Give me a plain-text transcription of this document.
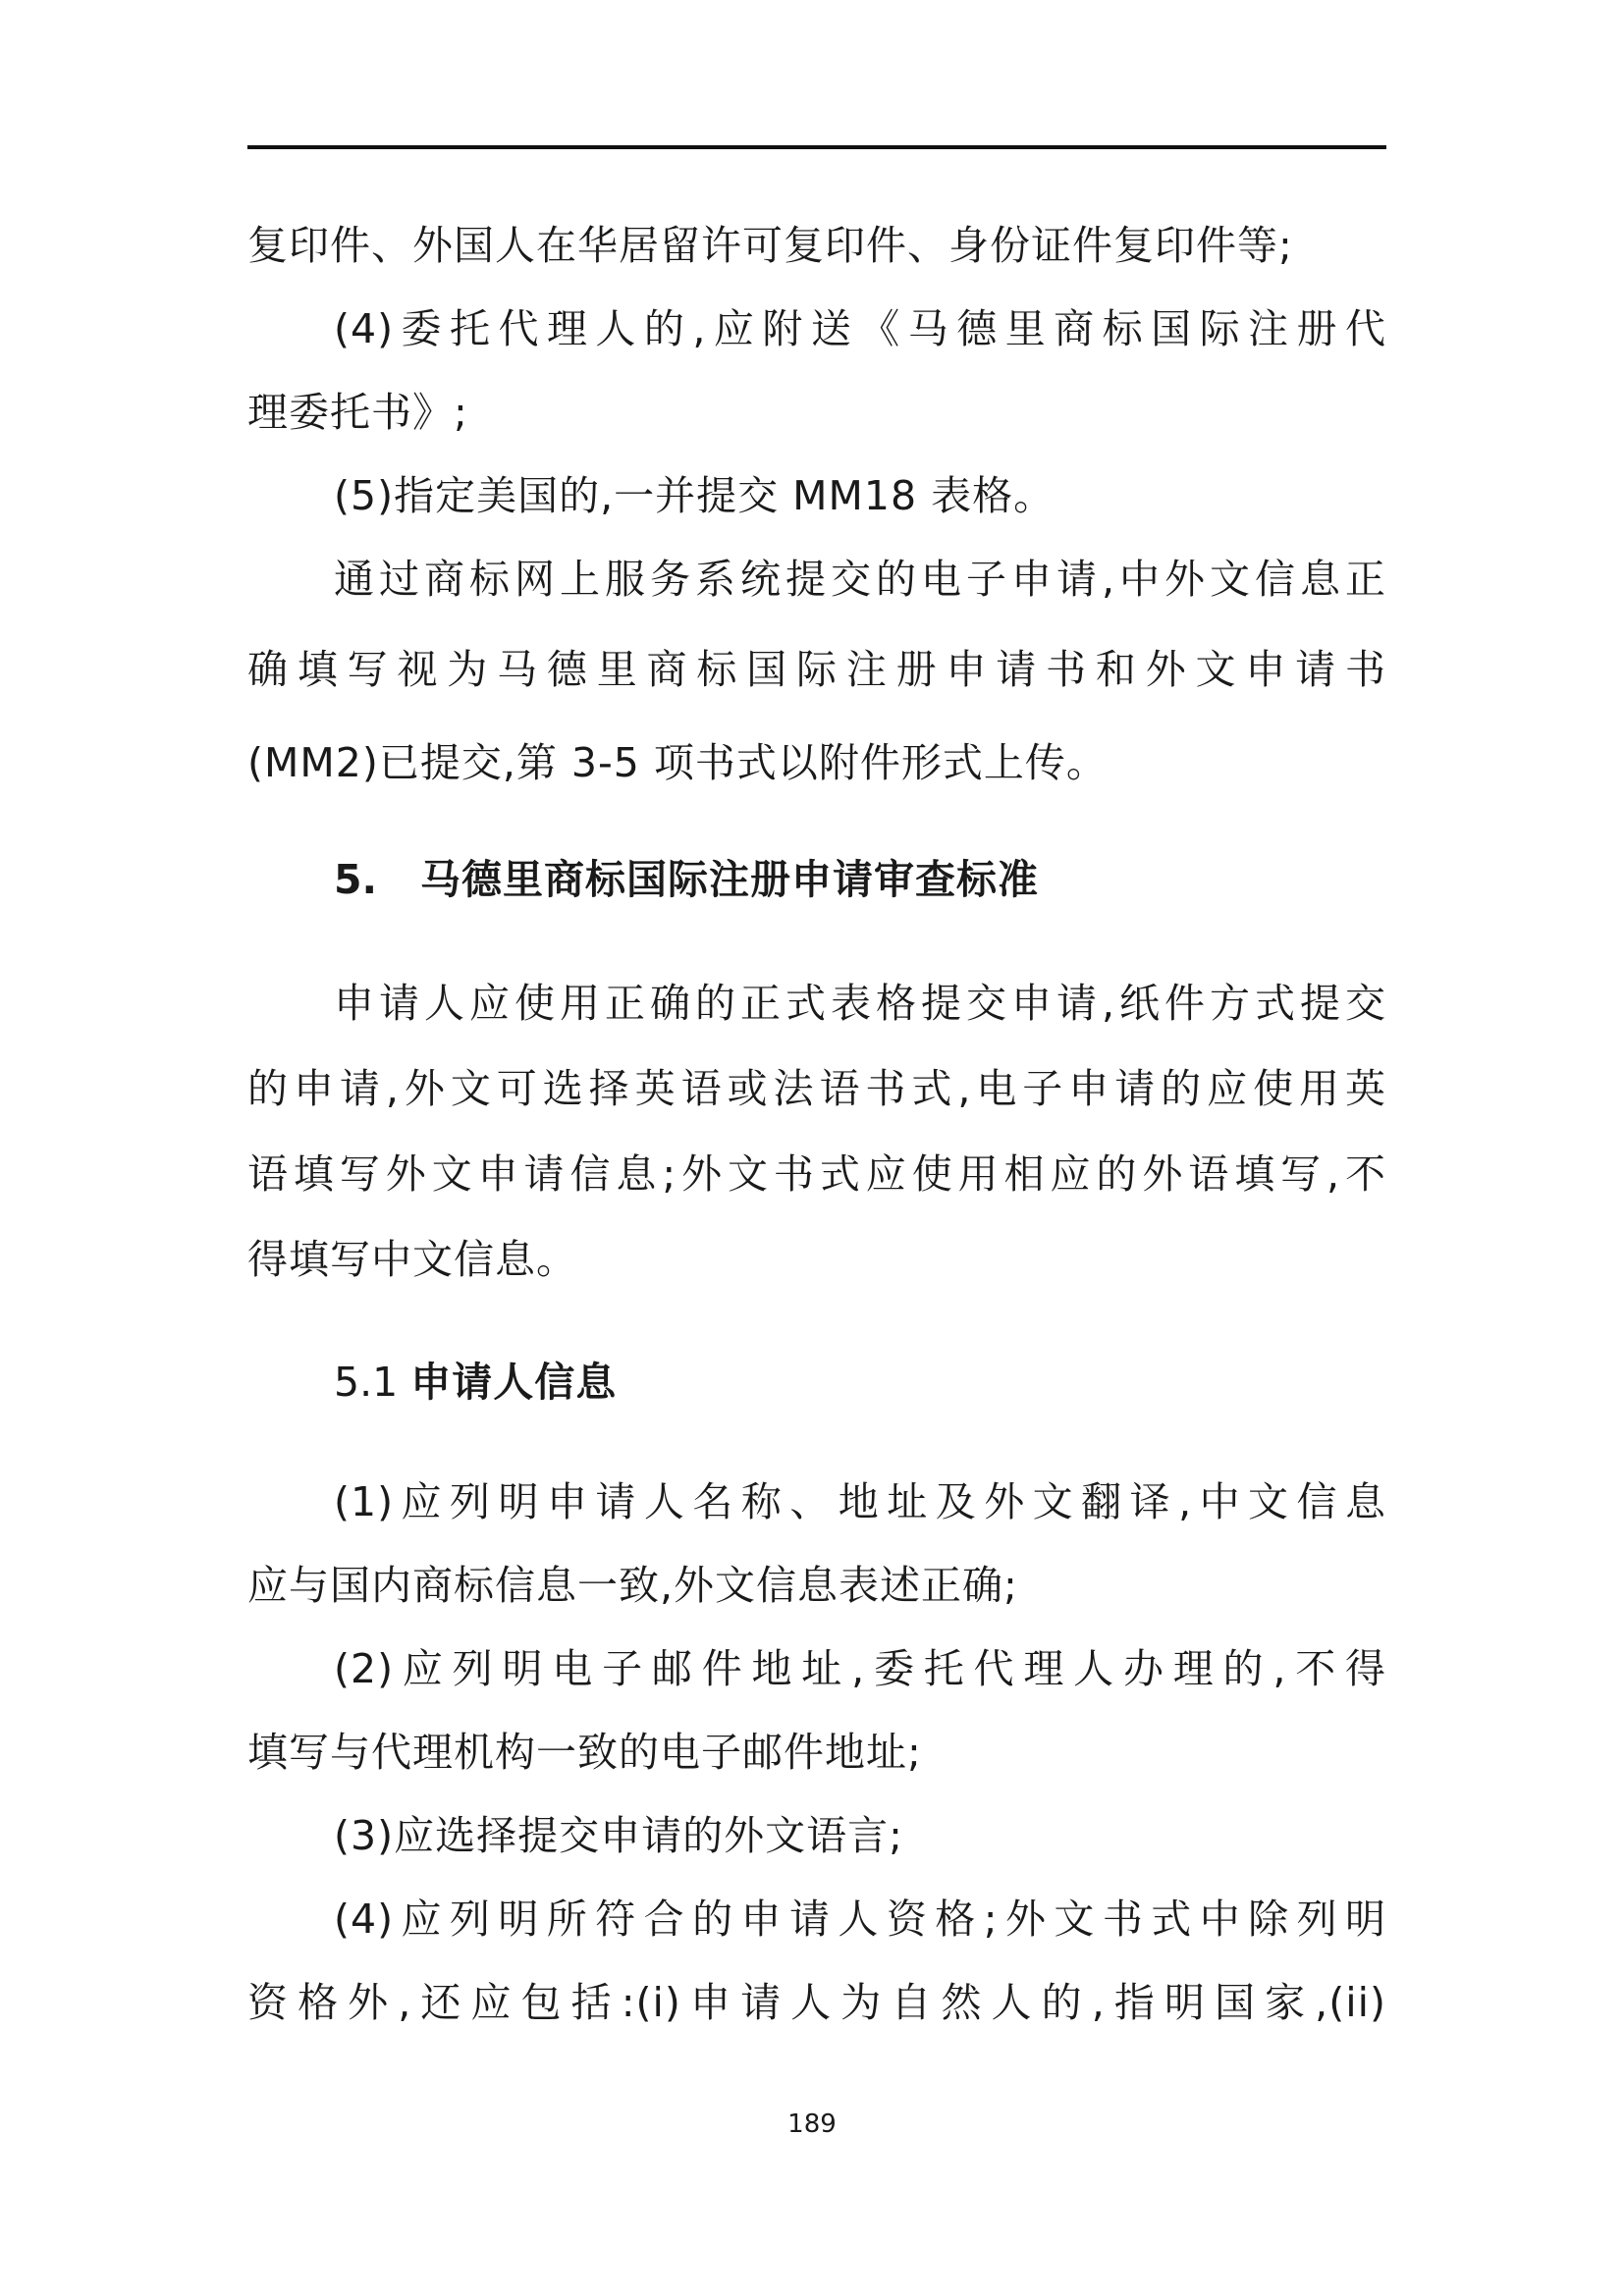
复印件、外国人在华居留许可复印件、身份证件复印件等;
(4)委托代理人的,应附送《马德里商标国际注册代
理委托书》;
(5)指定美国的,一并提交 MM18 表格。
通过商标网上服务系统提交的电子申请,中外文信息正
确填写视为马德里商标国际注册申请书和外文申请书
(MM2)已提交,第 3-5 项书式以附件形式上传。
5. 马德里商标国际注册申请审查标准
申请人应使用正确的正式表格提交申请,纸件方式提交
的申请,外文可选择英语或法语书式,电子申请的应使用英
语填写外文申请信息;外文书式应使用相应的外语填写,不
得填写中文信息。
5.1 申请人信息
(1)应列明申请人名称、地址及外文翻译,中文信息
应与国内商标信息一致,外文信息表述正确;
(2)应列明电子邮件地址,委托代理人办理的,不得
填写与代理机构一致的电子邮件地址;
(3)应选择提交申请的外文语言;
(4)应列明所符合的申请人资格;外文书式中除列明
资格外,还应包括:(i)申请人为自然人的,指明国家,(ii)
189
